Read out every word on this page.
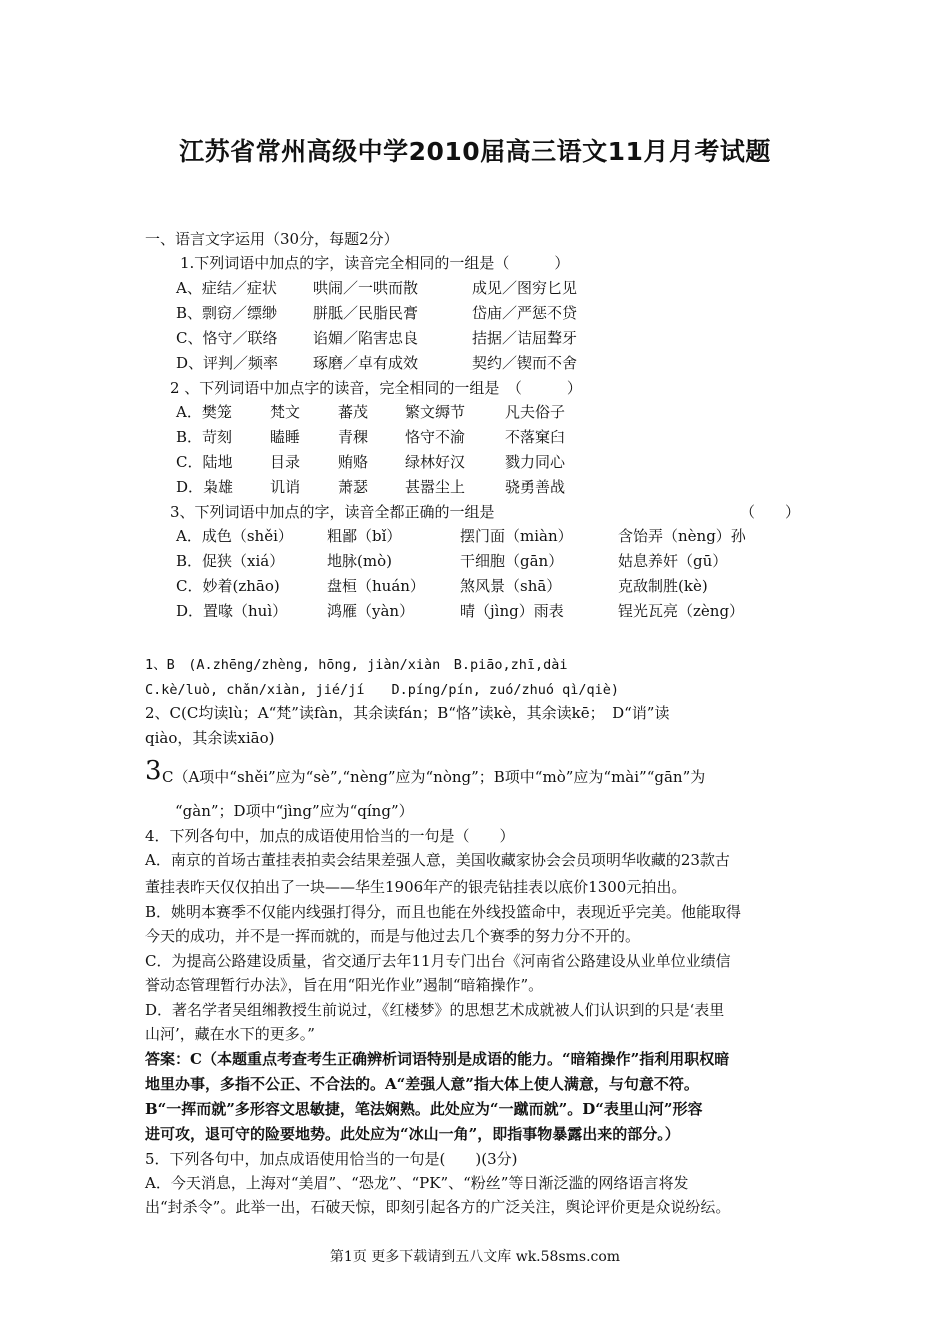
江苏省常州高级中学2010届高三语文11月月考试题
一、语言文字运用（30分，每题2分）
1.下列词语中加点的字，读音完全相同的一组是（　　　）
A、症结／症状 哄闹／一哄而散	成见／图穷匕见
B、剽窃／缥缈 胼胝／民脂民膏	岱庙／严惩不贷
C、恪守／联络 谄媚／陷害忠良	拮据／诘屈聱牙
D、评判／频率 琢磨／卓有成效	契约／锲而不舍
2 、下列词语中加点字的读音，完全相同的一组是　（　　　）
A．樊笼	梵文	蕃茂 繁文缛节	凡夫俗子
B．苛刻	瞌睡	青稞 恪守不渝	不落窠臼
C．陆地	目录	贿赂 绿林好汉	戮力同心
D．枭雄 讥诮	萧瑟 甚嚣尘上	骁勇善战
3、下列词语中加点的字，读音全都正确的一组是	（　　）
A．成色（shěi） 粗鄙（bǐ）	摆门面（miàn）	含饴弄（nèng）孙
B．促狭（xiá）	地脉(mò)	干细胞（gān）	姑息养奸（gū）
C．妙着(zhāo)	盘桓（huán） 煞风景（shā）	克敌制胜(kè)
D．置喙（huì）	鸿雁（yàn）	晴（jìng）雨表	锃光瓦亮（zèng）
1、B　(A.zhēng/zhèng, hōng, jiàn/xiàn　B.piāo,zhī,dài
C.kè/luò, chǎn/xiàn, jié/jí　　D.píng/pín, zuó/zhuó qì/qiè)
2、C(C均读lù；A“梵”读fàn，其余读fán；B“恪”读kè，其余读kē；　D“诮”读
qiào，其余读xiāo)
3 C（A项中“shěi”应为“sè”,“nèng”应为“nòng”；B项中“mò”应为“mài”“gān”为
“gàn”；D项中“jìng”应为“qíng”）
4．下列各句中，加点的成语使用恰当的一句是（　　）
A．南京的首场古董挂表拍卖会结果差强人意，美国收藏家协会会员项明华收藏的23款古
董挂表昨天仅仅拍出了一块——华生1906年产的银壳钻挂表以底价1300元拍出。
B．姚明本赛季不仅能内线强打得分，而且也能在外线投篮命中，表现近乎完美。他能取得
今天的成功，并不是一挥而就的，而是与他过去几个赛季的努力分不开的。
C．为提高公路建设质量，省交通厅去年11月专门出台《河南省公路建设从业单位业绩信
誉动态管理暂行办法》，旨在用“阳光作业”遏制“暗箱操作”。
D．著名学者吴组缃教授生前说过，《红楼梦》的思想艺术成就被人们认识到的只是‘表里
山河’，藏在水下的更多。”
答案：C（本题重点考查考生正确辨析词语特别是成语的能力。“暗箱操作”指利用职权暗
地里办事，多指不公正、不合法的。A“差强人意”指大体上使人满意，与句意不符。
B“一挥而就”多形容文思敏捷，笔法娴熟。此处应为“一蹴而就”。D“表里山河”形容
进可攻，退可守的险要地势。此处应为“冰山一角”，即指事物暴露出来的部分。）
5．下列各句中，加点成语使用恰当的一句是(　　)(3分)
A．今天消息，上海对“美眉”、“恐龙”、“PK”、“粉丝”等日渐泛滥的网络语言将发
出“封杀令”。此举一出，石破天惊，即刻引起各方的广泛关注，舆论评价更是众说纷纭。
第1页 更多下载请到五八文库 wk.58sms.com
